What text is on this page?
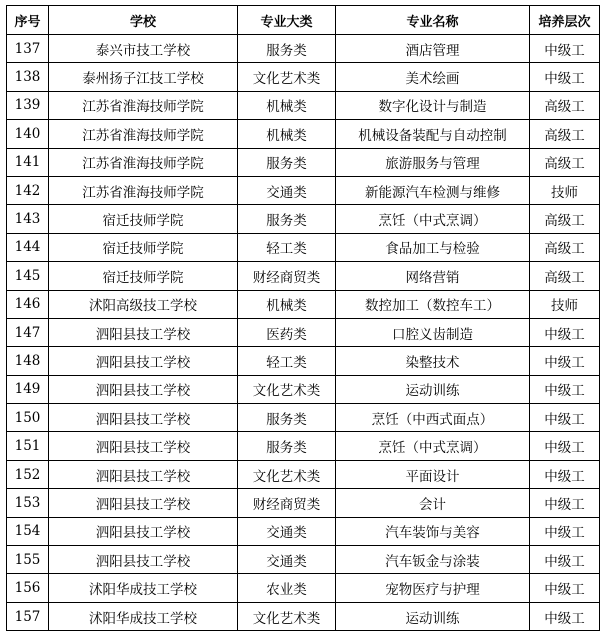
序号	学校	专业大类	专业名称	培养层次
137	泰兴市技工学校	服务类	酒店管理	中级工
138	泰州扬子江技工学校	文化艺术类	美术绘画	中级工
139	江苏省淮海技师学院	机械类	数字化设计与制造	高级工
140	江苏省淮海技师学院	机械类	机械设备装配与自动控制	高级工
141	江苏省淮海技师学院	服务类	旅游服务与管理	高级工
142	江苏省淮海技师学院	交通类	新能源汽车检测与维修	技师
143	宿迁技师学院	服务类	烹饪（中式烹调）	高级工
144	宿迁技师学院	轻工类	食品加工与检验	高级工
145	宿迁技师学院	财经商贸类	网络营销	高级工
146	沭阳高级技工学校	机械类	数控加工（数控车工）	技师
147	泗阳县技工学校	医药类	口腔义齿制造	中级工
148	泗阳县技工学校	轻工类	染整技术	中级工
149	泗阳县技工学校	文化艺术类	运动训练	中级工
150	泗阳县技工学校	服务类	烹饪（中西式面点）	中级工
151	泗阳县技工学校	服务类	烹饪（中式烹调）	中级工
152	泗阳县技工学校	文化艺术类	平面设计	中级工
153	泗阳县技工学校	财经商贸类	会计	中级工
154	泗阳县技工学校	交通类	汽车装饰与美容	中级工
155	泗阳县技工学校	交通类	汽车钣金与涂装	中级工
156	沭阳华成技工学校	农业类	宠物医疗与护理	中级工
157	沭阳华成技工学校	文化艺术类	运动训练	中级工
